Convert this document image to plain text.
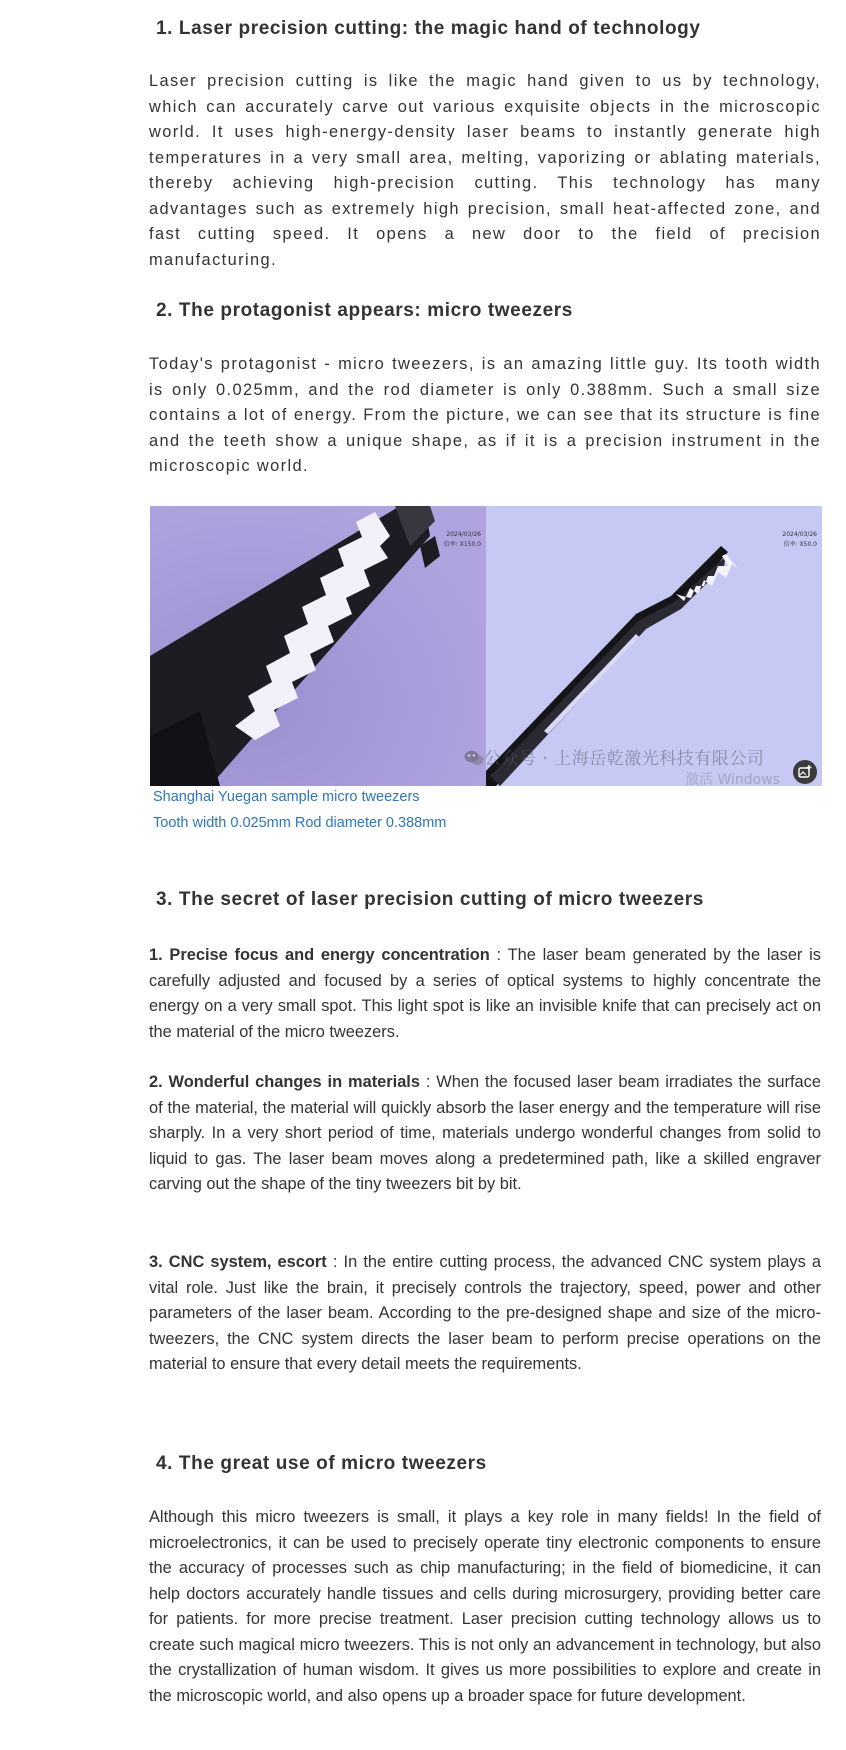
1. Laser precision cutting: the magic hand of technology

Laser precision cutting is like the magic hand given to us by technology, which can accurately carve out various exquisite objects in the microscopic world. It uses high-energy-density laser beams to instantly generate high temperatures in a very small area, melting, vaporizing or ablating materials, thereby achieving high-precision cutting. This technology has many advantages such as extremely high precision, small heat-affected zone, and fast cutting speed. It opens a new door to the field of precision manufacturing.

2. The protagonist appears: micro tweezers

Today's protagonist - micro tweezers, is an amazing little guy. Its tooth width is only 0.025mm, and the rod diameter is only 0.388mm. Such a small size contains a lot of energy. From the picture, we can see that its structure is fine and the teeth show a unique shape, as if it is a precision instrument in the microscopic world.

2024/03/26
倍率: X150.0
2024/03/26
倍率: X50.0
公众号 · 上海岳乾激光科技有限公司
激活 Windows
Shanghai Yuegan sample micro tweezers
Tooth width 0.025mm Rod diameter 0.388mm
3. The secret of laser precision cutting of micro tweezers

1. Precise focus and energy concentration : The laser beam generated by the laser is carefully adjusted and focused by a series of optical systems to highly concentrate the energy on a very small spot. This light spot is like an invisible knife that can precisely act on the material of the micro tweezers.

2. Wonderful changes in materials : When the focused laser beam irradiates the surface of the material, the material will quickly absorb the laser energy and the temperature will rise sharply. In a very short period of time, materials undergo wonderful changes from solid to liquid to gas. The laser beam moves along a predetermined path, like a skilled engraver carving out the shape of the tiny tweezers bit by bit.

3. CNC system, escort : In the entire cutting process, the advanced CNC system plays a vital role. Just like the brain, it precisely controls the trajectory, speed, power and other parameters of the laser beam. According to the pre-designed shape and size of the micro-tweezers, the CNC system directs the laser beam to perform precise operations on the material to ensure that every detail meets the requirements.

4. The great use of micro tweezers

Although this micro tweezers is small, it plays a key role in many fields! In the field of microelectronics, it can be used to precisely operate tiny electronic components to ensure the accuracy of processes such as chip manufacturing; in the field of biomedicine, it can help doctors accurately handle tissues and cells during microsurgery, providing better care for patients. for more precise treatment. Laser precision cutting technology allows us to create such magical micro tweezers. This is not only an advancement in technology, but also the crystallization of human wisdom. It gives us more possibilities to explore and create in the microscopic world, and also opens up a broader space for future development.
